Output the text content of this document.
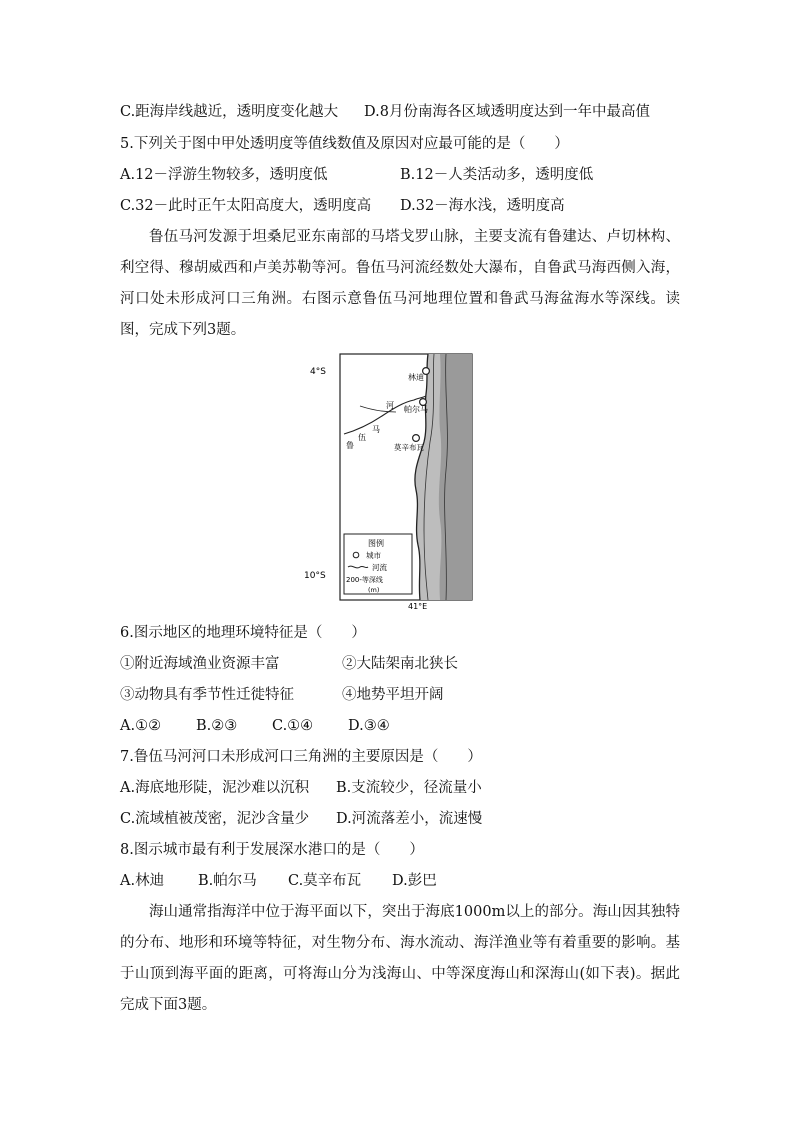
C.距海岸线越近，透明度变化越大 D.8月份南海各区域透明度达到一年中最高值
5.下列关于图中甲处透明度等值线数值及原因对应最可能的是（　　）
A.12－浮游生物较多，透明度低	B.12－人类活动多，透明度低
C.32－此时正午太阳高度大，透明度高 D.32－海水浅，透明度高
鲁伍马河发源于坦桑尼亚东南部的马塔戈罗山脉，主要支流有鲁建达、卢切林构、利空得、穆胡威西和卢美苏勒等河。鲁伍马河流经数处大瀑布，自鲁武马海西侧入海，河口处未形成河口三角洲。右图示意鲁伍马河地理位置和鲁武马海盆海水等深线。读图，完成下列3题。
4°S
林迪
帕尔马
莫辛布瓦
鲁
伍
马
河
图例
城市
河流
200-等深线
(m)
10°S
41°E
6.图示地区的地理环境特征是（　　）
①附近海域渔业资源丰富	②大陆架南北狭长
③动物具有季节性迁徙特征	④地势平坦开阔
A.①② B.②③ C.①④ D.③④
7.鲁伍马河河口未形成河口三角洲的主要原因是（　　）
A.海底地形陡，泥沙难以沉积 B.支流较少，径流量小
C.流域植被茂密，泥沙含量少 D.河流落差小，流速慢
8.图示城市最有利于发展深水港口的是（　　）
A.林迪 B.帕尔马 C.莫辛布瓦 D.彭巴
海山通常指海洋中位于海平面以下，突出于海底1000m以上的部分。海山因其独特的分布、地形和环境等特征，对生物分布、海水流动、海洋渔业等有着重要的影响。基于山顶到海平面的距离，可将海山分为浅海山、中等深度海山和深海山(如下表)。据此完成下面3题。
